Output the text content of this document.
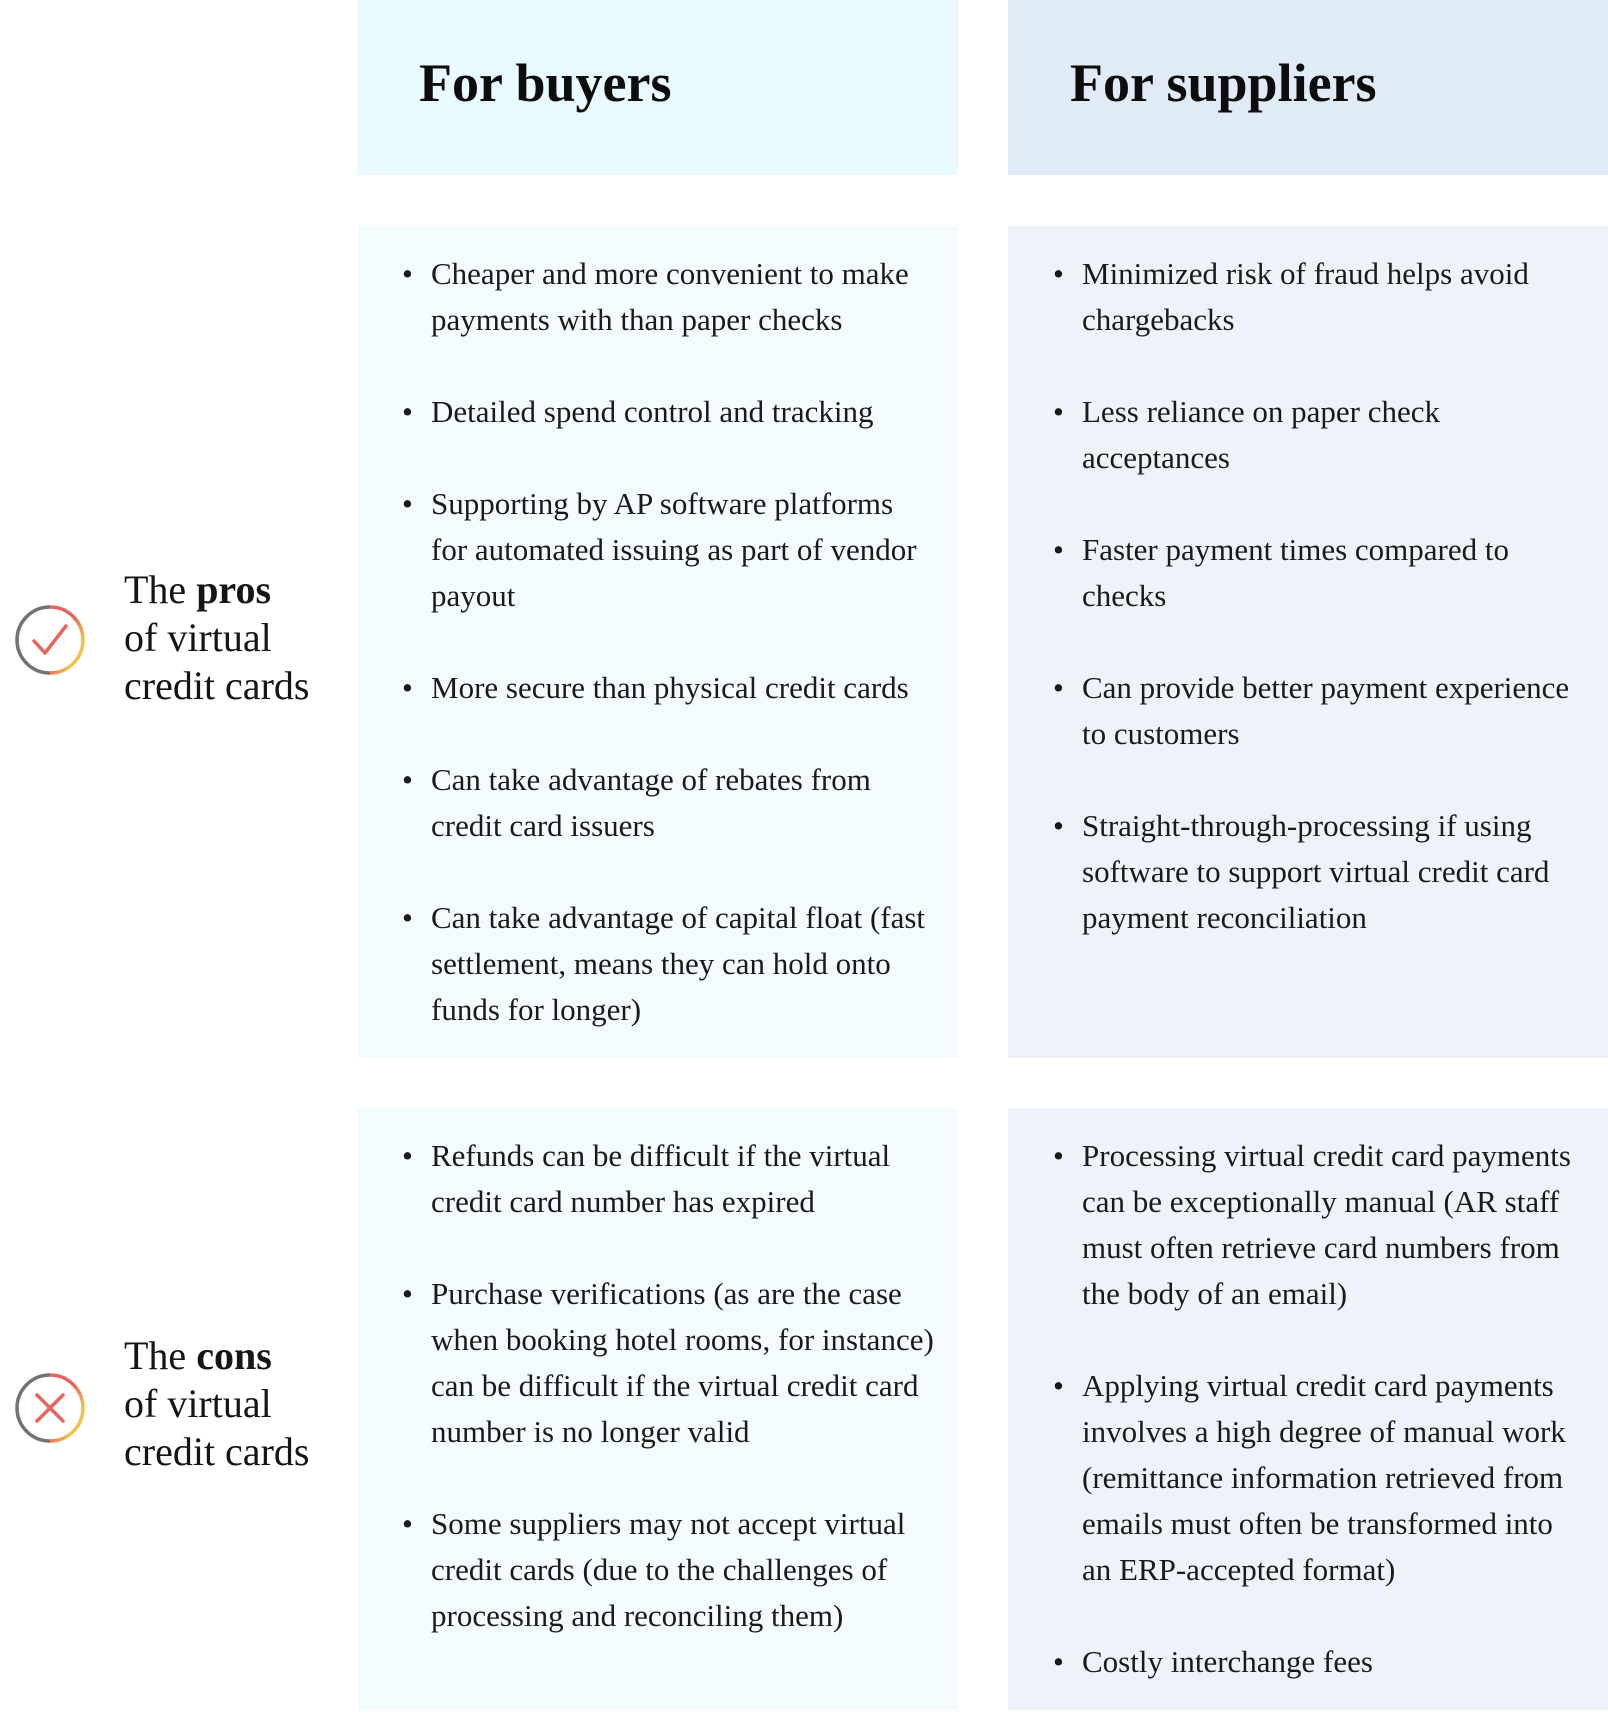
For buyers	For suppliers
The pros
of virtual
credit cards
• Cheaper and more convenient to make payments with than paper checks
• Detailed spend control and tracking
• Supporting by AP software platforms for automated issuing as part of vendor payout
• More secure than physical credit cards
• Can take advantage of rebates from credit card issuers
• Can take advantage of capital float (fast settlement, means they can hold onto funds for longer)
• Minimized risk of fraud helps avoid chargebacks
• Less reliance on paper check acceptances
• Faster payment times compared to checks
• Can provide better payment experience to customers
• Straight-through-processing if using software to support virtual credit card payment reconciliation
The cons
of virtual
credit cards
• Refunds can be difficult if the virtual credit card number has expired
• Purchase verifications (as are the case when booking hotel rooms, for instance) can be difficult if the virtual credit card number is no longer valid
• Some suppliers may not accept virtual credit cards (due to the challenges of processing and reconciling them)
• Processing virtual credit card payments can be exceptionally manual (AR staff must often retrieve card numbers from the body of an email)
• Applying virtual credit card payments involves a high degree of manual work (remittance information retrieved from emails must often be transformed into an ERP-accepted format)
• Costly interchange fees
